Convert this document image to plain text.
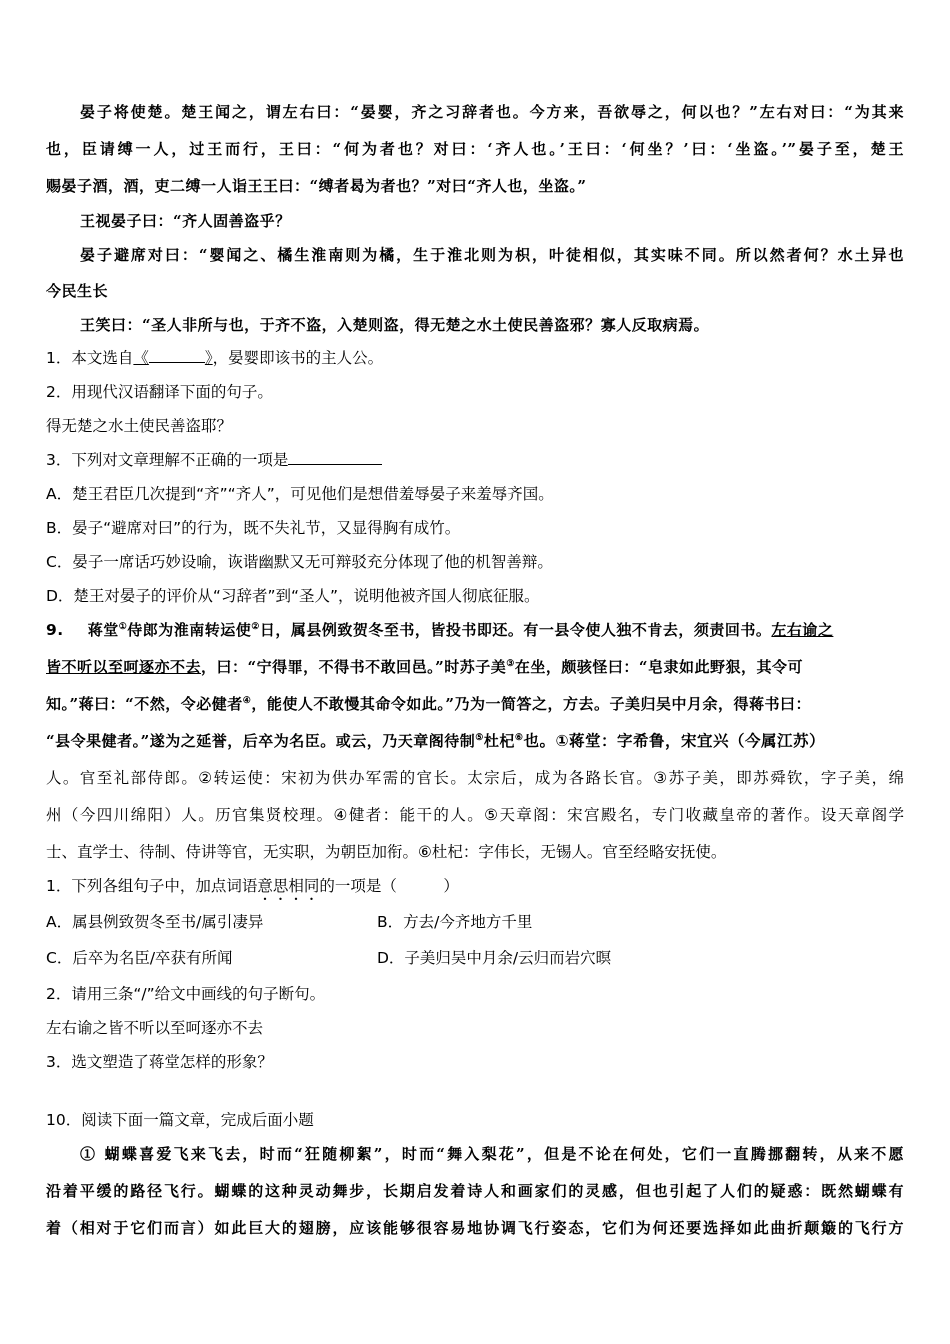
晏子将使楚。楚王闻之，谓左右曰：“晏婴，齐之习辞者也。今方来，吾欲辱之，何以也？”左右对曰：“为其来
也，臣请缚一人，过王而行，王曰：“何为者也？对曰：‘齐人也。’王曰：‘何坐？’曰：‘坐盗。’”晏子至，楚王
赐晏子酒，酒，吏二缚一人诣王王曰：“缚者曷为者也？”对曰“齐人也，坐盗。”
王视晏子曰：“齐人固善盗乎？
晏子避席对曰：“婴闻之、橘生淮南则为橘，生于淮北则为枳，叶徒相似，其实味不同。所以然者何？水土异也
今民生长
王笑曰：“圣人非所与也，于齐不盗，入楚则盗，得无楚之水土使民善盗邪？寡人反取病焉。
1．本文选自《	》，晏婴即该书的主人公。
2．用现代汉语翻译下面的句子。
得无楚之水土使民善盗耶？
3．下列对文章理解不正确的一项是
A．楚王君臣几次提到“齐”“齐人”，可见他们是想借羞辱晏子来羞辱齐国。
B．晏子“避席对曰”的行为，既不失礼节，又显得胸有成竹。
C．晏子一席话巧妙设喻，诙谐幽默又无可辩驳充分体现了他的机智善辩。
D．楚王对晏子的评价从“习辞者”到“圣人”，说明他被齐国人彻底征服。
9. 蒋堂①侍郎为淮南转运使②日，属县例致贺冬至书，皆投书即还。有一县令使人独不肯去，须责回书。左右谕之
皆不听以至呵逐亦不去，曰：“宁得罪，不得书不敢回邑。”时苏子美③在坐，颇骇怪曰：“皂隶如此野狠，其令可
知。”蒋曰：“不然，令必健者④，能使人不敢慢其命令如此。”乃为一简答之，方去。子美归吴中月余，得蒋书曰：
“县令果健者。”遂为之延誉，后卒为名臣。或云，乃天章阁待制⑤杜杞⑥也。①蒋堂：字希鲁，宋宜兴（今属江苏）
人。官至礼部侍郎。②转运使：宋初为供办军需的官长。太宗后，成为各路长官。③苏子美，即苏舜钦，字子美，绵
州（今四川绵阳）人。历官集贤校理。④健者：能干的人。⑤天章阁：宋宫殿名，专门收藏皇帝的著作。设天章阁学
士、直学士、待制、侍讲等官，无实职，为朝臣加衔。⑥杜杞：字伟长，无锡人。官至经略安抚使。
1．下列各组句子中，加点词语意思相同的一项是（　　　）
A．属县例致贺冬至书/属引凄异	B．方去/今齐地方千里
C．后卒为名臣/卒获有所闻	D．子美归吴中月余/云归而岩穴暝
2．请用三条“/”给文中画线的句子断句。
左右谕之皆不听以至呵逐亦不去
3．选文塑造了蒋堂怎样的形象？
10．阅读下面一篇文章，完成后面小题
① 蝴蝶喜爱飞来飞去，时而“狂随柳絮”，时而“舞入梨花”，但是不论在何处，它们一直腾挪翻转，从来不愿
沿着平缓的路径飞行。蝴蝶的这种灵动舞步，长期启发着诗人和画家们的灵感，但也引起了人们的疑惑：既然蝴蝶有
着（相对于它们而言）如此巨大的翅膀，应该能够很容易地协调飞行姿态，它们为何还要选择如此曲折颠簸的飞行方
